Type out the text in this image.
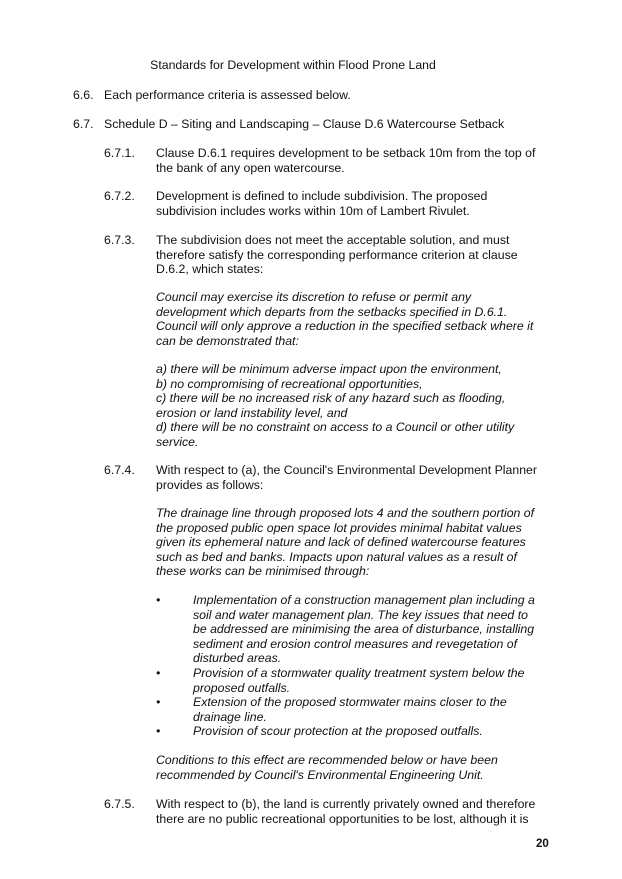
Standards for Development within Flood Prone Land
6.6. Each performance criteria is assessed below.
6.7. Schedule D – Siting and Landscaping – Clause D.6 Watercourse Setback
6.7.1. Clause D.6.1 requires development to be setback 10m from the top of

the bank of any open watercourse.

6.7.2. Development is defined to include subdivision. The proposed

subdivision includes works within 10m of Lambert Rivulet.

6.7.3. The subdivision does not meet the acceptable solution, and must

therefore satisfy the corresponding performance criterion at clause

D.6.2, which states:

Council may exercise its discretion to refuse or permit any

development which departs from the setbacks specified in D.6.1.

Council will only approve a reduction in the specified setback where it

can be demonstrated that:

a) there will be minimum adverse impact upon the environment,

b) no compromising of recreational opportunities,

c) there will be no increased risk of any hazard such as flooding,

erosion or land instability level, and

d) there will be no constraint on access to a Council or other utility

service.

6.7.4. With respect to (a), the Council's Environmental Development Planner

provides as follows:

The drainage line through proposed lots 4 and the southern portion of

the proposed public open space lot provides minimal habitat values

given its ephemeral nature and lack of defined watercourse features

such as bed and banks. Impacts upon natural values as a result of

these works can be minimised through:

•	Implementation of a construction management plan including a

soil and water management plan. The key issues that need to

be addressed are minimising the area of disturbance, installing

sediment and erosion control measures and revegetation of

disturbed areas.

•	Provision of a stormwater quality treatment system below the

proposed outfalls.

•	Extension of the proposed stormwater mains closer to the

drainage line.

•	Provision of scour protection at the proposed outfalls.

Conditions to this effect are recommended below or have been

recommended by Council's Environmental Engineering Unit.

6.7.5. With respect to (b), the land is currently privately owned and therefore

there are no public recreational opportunities to be lost, although it is

20
